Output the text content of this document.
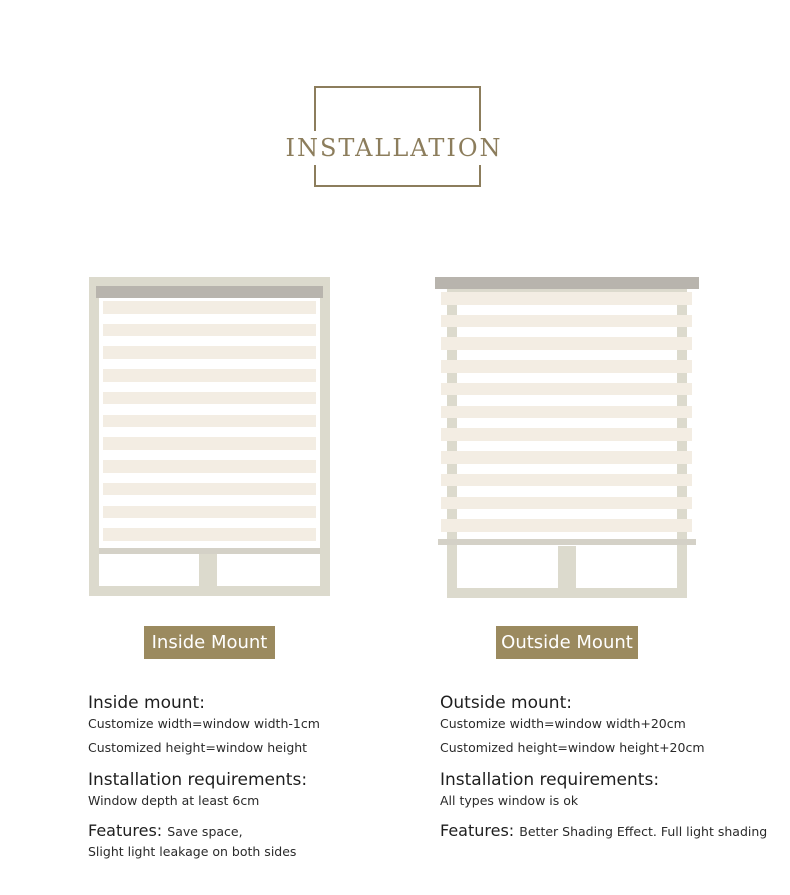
INSTALLATION
Inside Mount	Outside Mount
Inside mount:
Customize width=window width-1cm
Customized height=window height
Installation requirements:
Window depth at least 6cm
Features: Save space,
Slight light leakage on both sides
Outside mount:
Customize width=window width+20cm
Customized height=window height+20cm
Installation requirements:
All types window is ok
Features: Better Shading Effect. Full light shading
